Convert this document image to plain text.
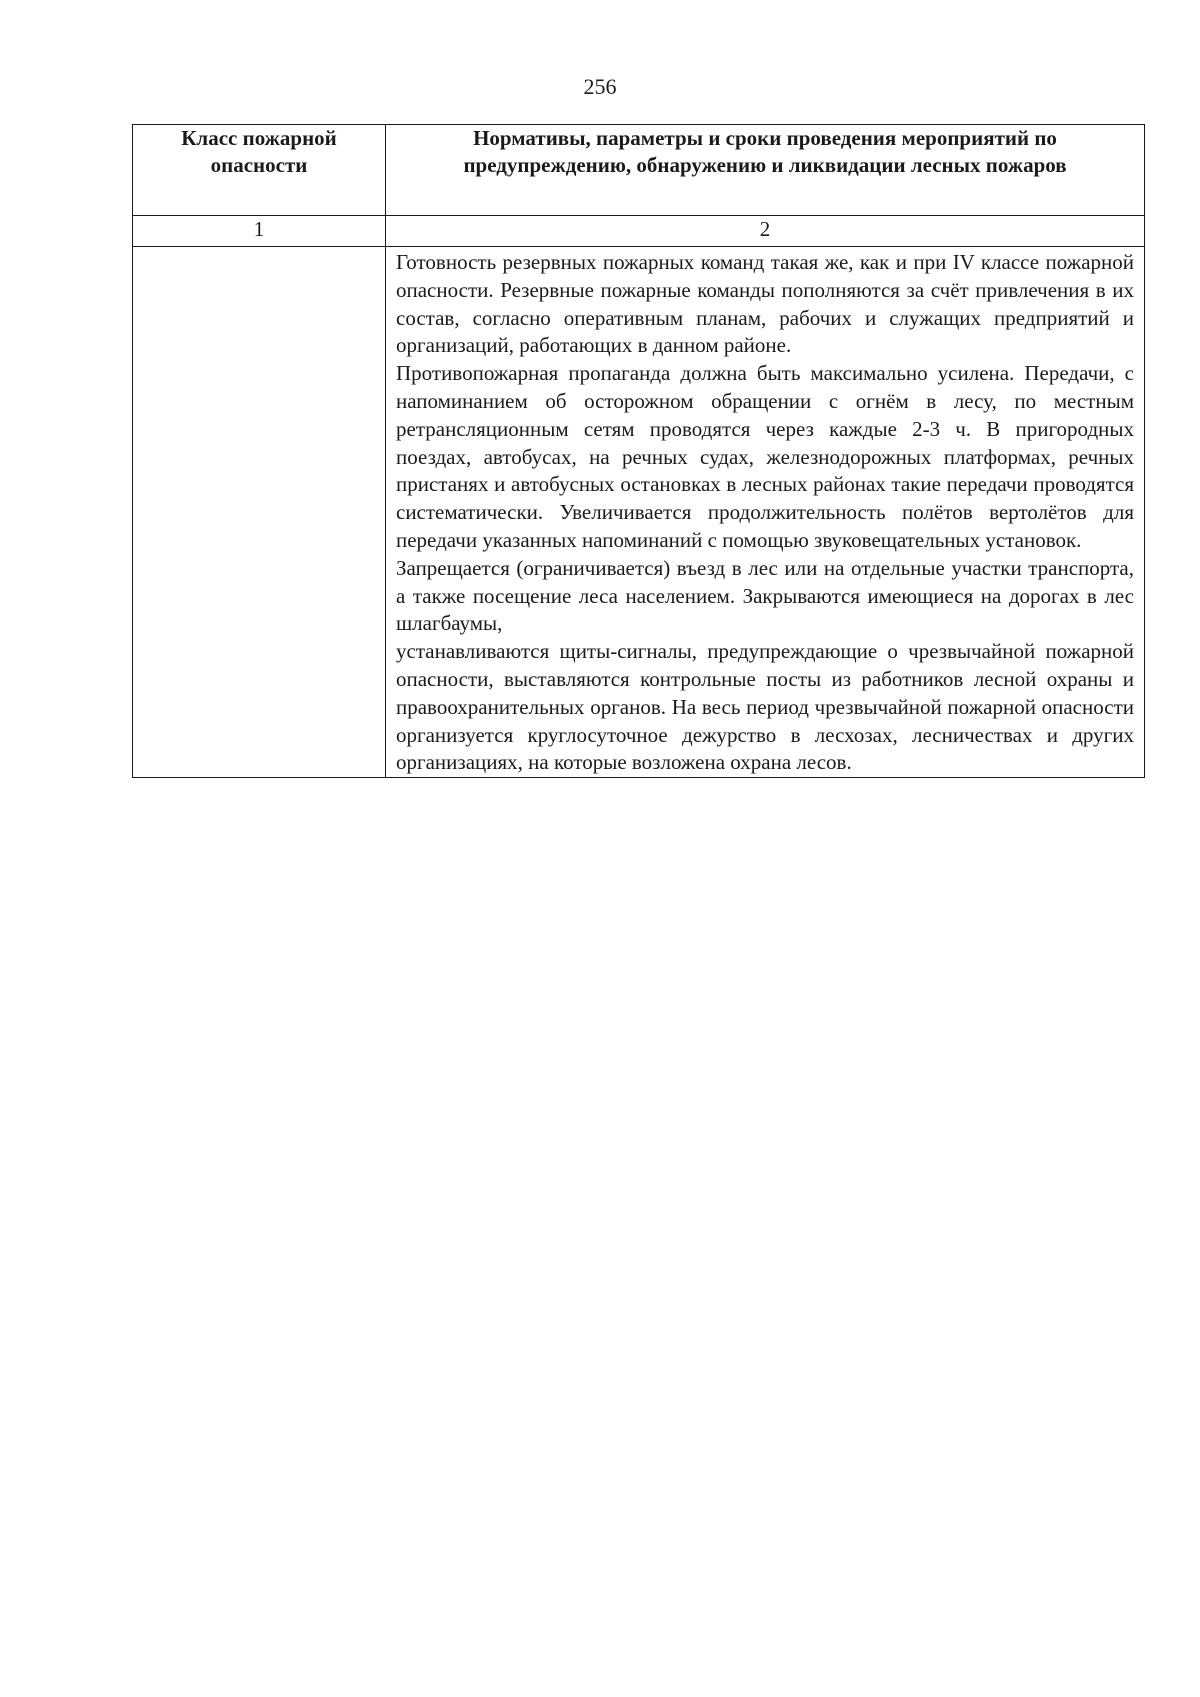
256
Класс пожарной опасности	Нормативы, параметры и сроки проведения мероприятий по предупреждению, обнаружению и ликвидации лесных пожаров

1	2

	Готовность резервных пожарных команд такая же, как и при IV классе пожарной опасности. Резервные пожарные команды пополняются за счёт привлечения в их состав, согласно оперативным планам, рабочих и служащих предприятий и организаций, работающих в данном районе.

Противопожарная пропаганда должна быть максимально усилена. Передачи, с напоминанием об осторожном обращении с огнём в лесу, по местным ретрансляционным сетям проводятся через каждые 2-3 ч. В пригородных поездах, автобусах, на речных судах, железнодорожных платформах, речных пристанях и автобусных остановках в лесных районах такие передачи проводятся систематически. Увеличивается продолжительность полётов вертолётов для передачи указанных напоминаний с помощью звуковещательных установок.

Запрещается (ограничивается) въезд в лес или на отдельные участки транспорта, а также посещение леса населением. Закрываются имеющиеся на дорогах в лес шлагбаумы,

устанавливаются щиты-сигналы, предупреждающие о чрезвычайной пожарной опасности, выставляются контрольные посты из работников лесной охраны и правоохранительных органов. На весь период чрезвычайной пожарной опасности организуется круглосуточное дежурство в лесхозах, лесничествах и других организациях, на которые возложена охрана лесов.
